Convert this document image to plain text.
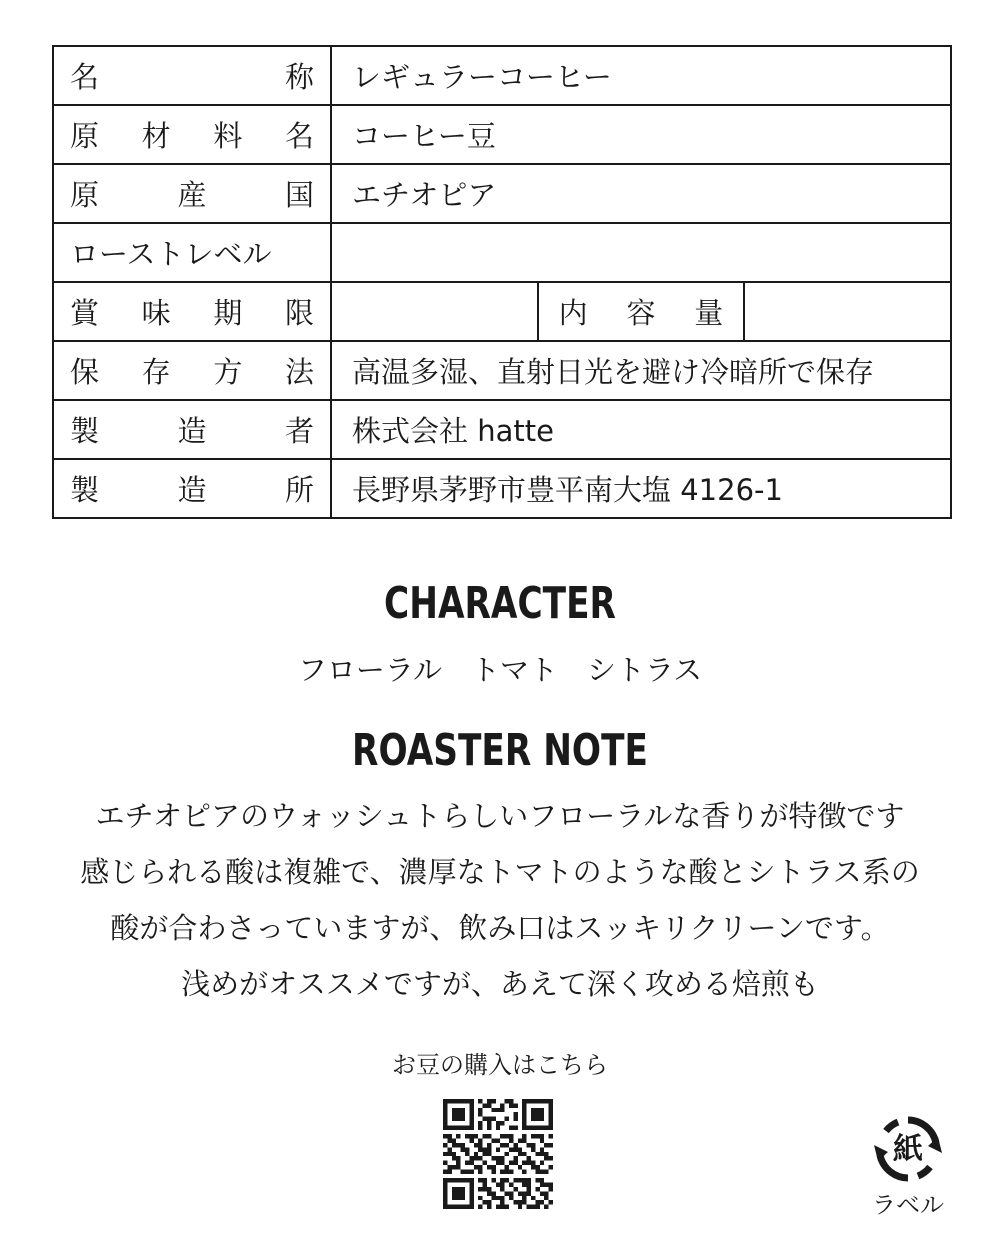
名 称	レギュラーコーヒー		

原 材 料 名	コーヒー豆		

原 産 国	エチオピア		

ローストレベル			

賞 味 期 限		内 容 量	

保 存 方 法	高温多湿、直射日光を避け冷暗所で保存		

製 造 者	株式会社 hatte		

製 造 所	長野県茅野市豊平南大塩 4126-1		
CHARACTER
フローラル　トマト　シトラス
ROASTER NOTE
エチオピアのウォッシュトらしいフローラルな香りが特徴です
感じられる酸は複雑で、濃厚なトマトのような酸とシトラス系の
酸が合わさっていますが、飲み口はスッキリクリーンです。
浅めがオススメですが、あえて深く攻める焙煎も
お豆の購入はこちら
紙
ラベル
